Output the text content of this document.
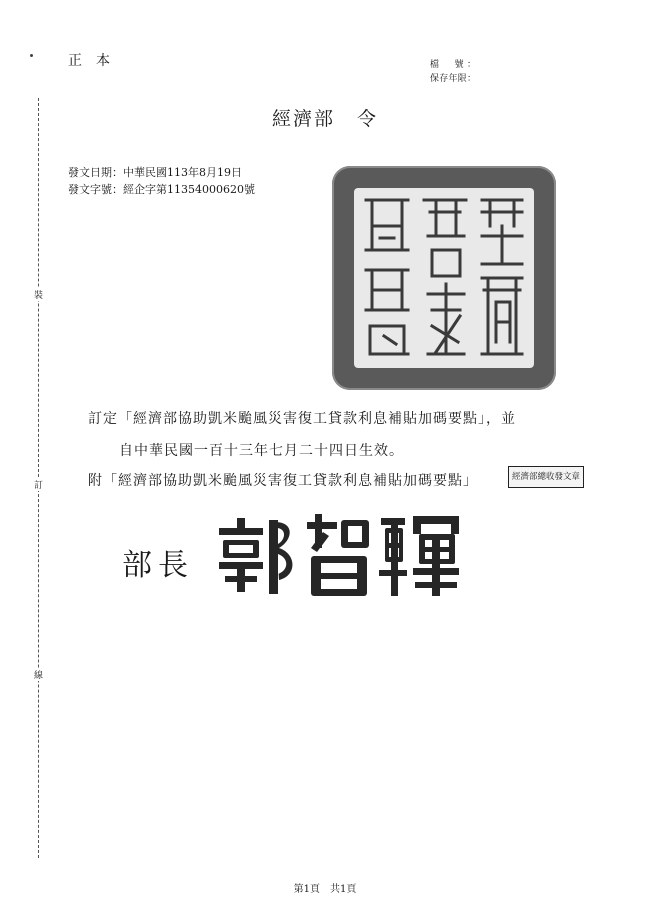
裝
訂
線
正本	檔　號：
保存年限：
經濟部 令
發文日期：中華民國113年8月19日
發文字號：經企字第11354000620號
訂定「經濟部協助凱米颱風災害復工貸款利息補貼加碼要點」，並
自中華民國一百十三年七月二十四日生效。
附「經濟部協助凱米颱風災害復工貸款利息補貼加碼要點」	經濟部總收發文章
部長
第1頁　共1頁
